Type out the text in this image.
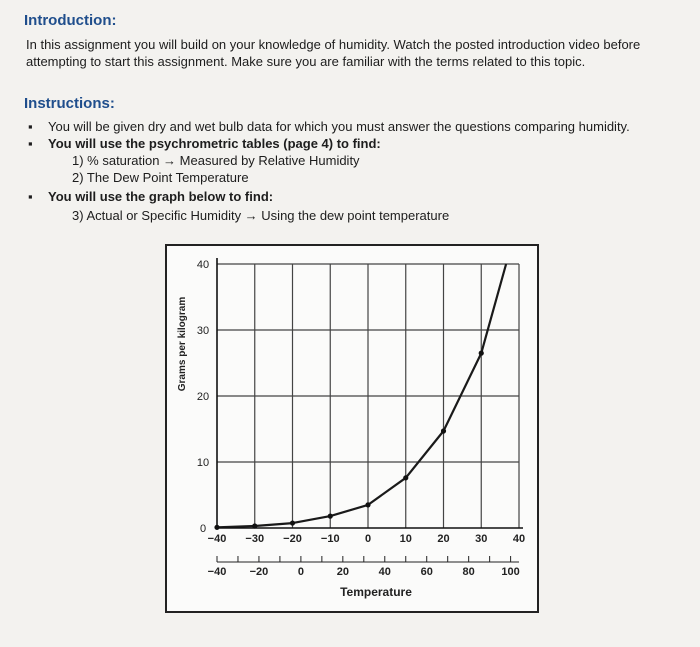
Introduction:
In this assignment you will build on your knowledge of humidity. Watch the posted introduction video before
attempting to start this assignment. Make sure you are familiar with the terms related to this topic.
Instructions:
▪ You will be given dry and wet bulb data for which you must answer the questions comparing humidity.
▪ You will use the psychrometric tables (page 4) to find:
1) % saturation → Measured by Relative Humidity
2) The Dew Point Temperature
▪ You will use the graph below to find:
3) Actual or Specific Humidity → Using the dew point temperature
0
10
20
30
40
−40 −30 −20 −10 0	10 20 30 40
−40 −20	0	20	40	60	80 100
Grams per kilogram
Temperature
